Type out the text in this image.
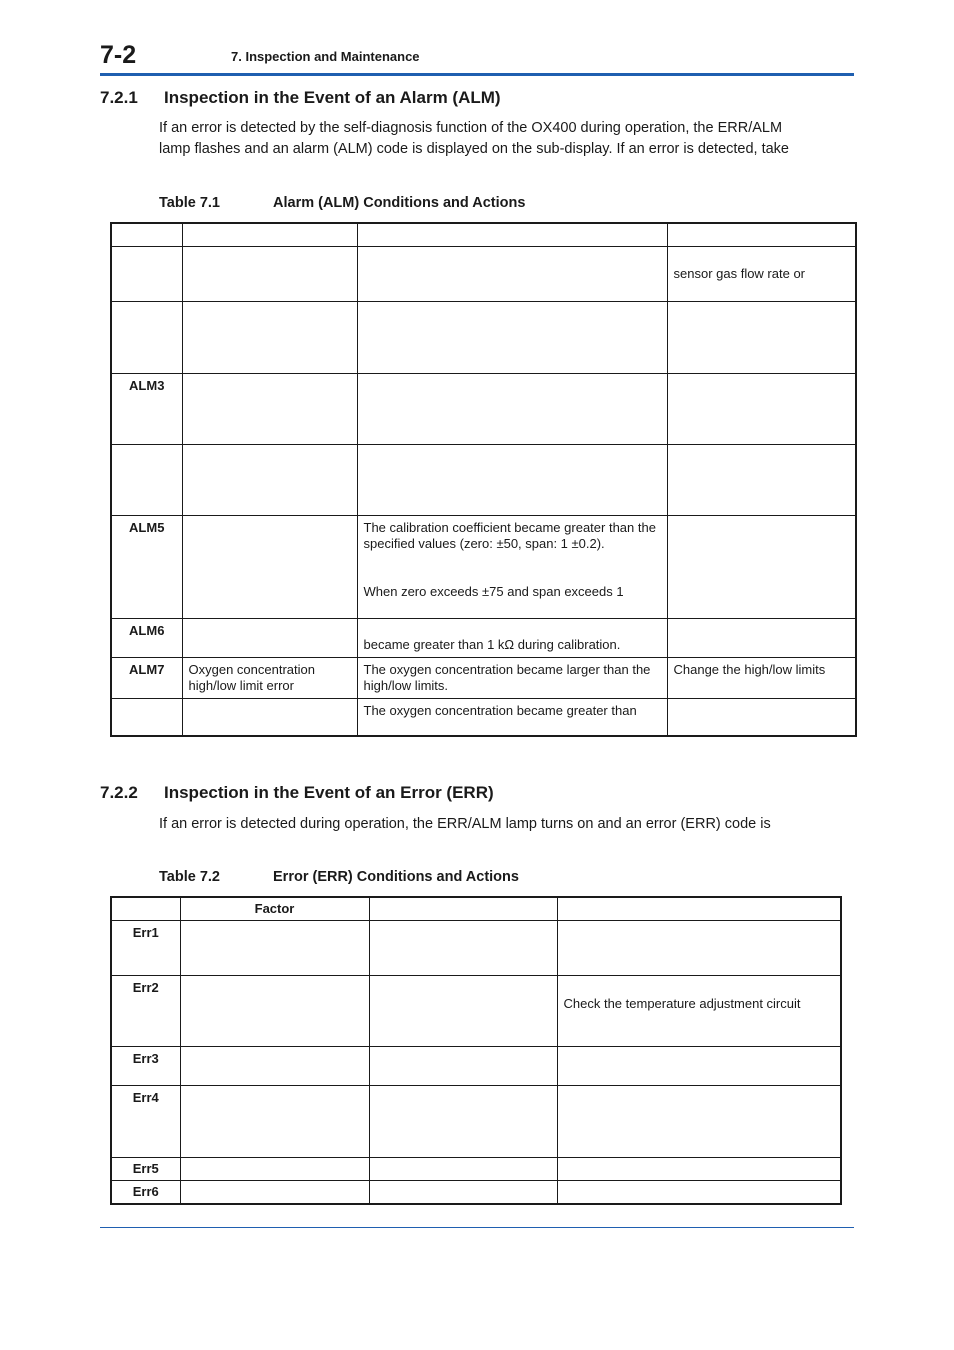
7-2	7. Inspection and Maintenance
7.2.1 Inspection in the Event of an Alarm (ALM)
If an error is detected by the self-diagnosis function of the OX400 during operation, the ERR/ALM
lamp flashes and an alarm (ALM) code is displayed on the sub-display. If an error is detected, take
Table 7.1	Alarm (ALM) Conditions and Actions

			sensor gas flow rate or

ALM3			

ALM5		The calibration coefficient became greater than the specified values (zero: ±50, span: 1 ±0.2).
When zero exceeds ±75 and span exceeds 1	

ALM6		became greater than 1 kΩ during calibration.	
ALM7	Oxygen concentration high/low limit error	The oxygen concentration became larger than the high/low limits.	Change the high/low limits
		The oxygen concentration became greater than	
7.2.2 Inspection in the Event of an Error (ERR)
If an error is detected during operation, the ERR/ALM lamp turns on and an error (ERR) code is
Table 7.2	Error (ERR) Conditions and Actions
	Factor		
Err1			
Err2			Check the temperature adjustment circuit

Err3			
Err4			
Err5			
Err6			
